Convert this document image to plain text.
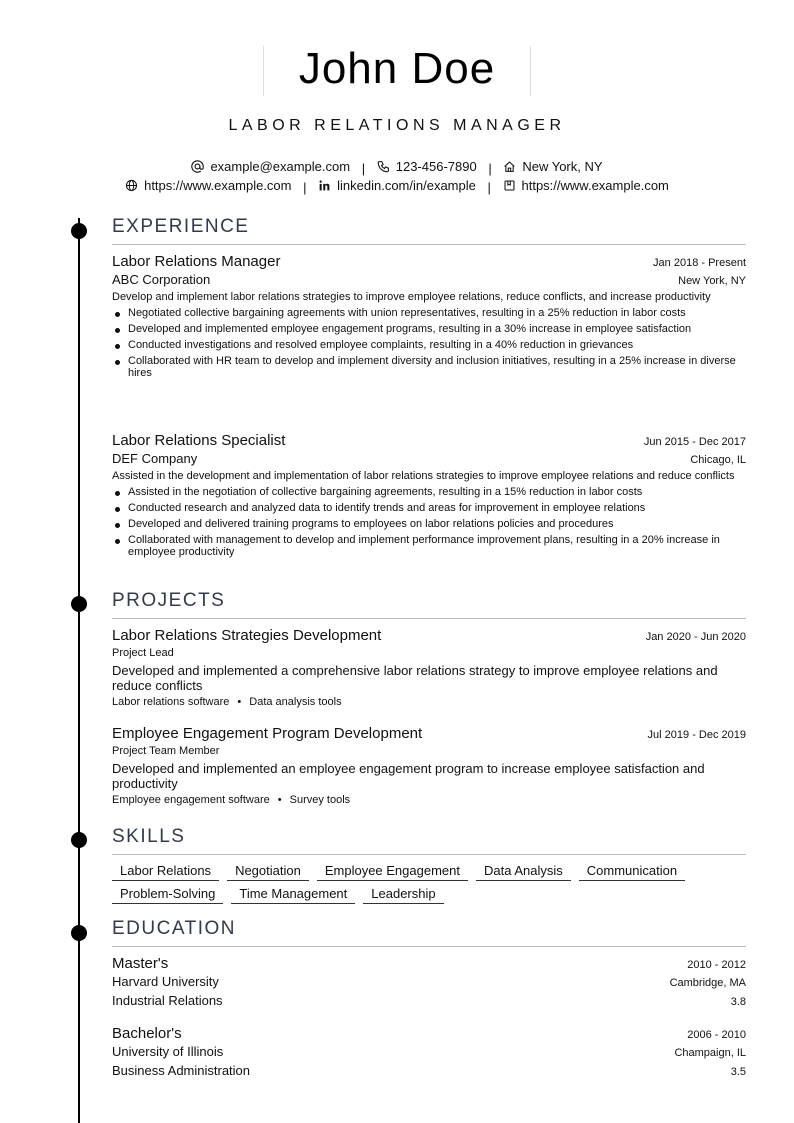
John Doe
LABOR RELATIONS MANAGER
example@example.com | 123-456-7890 | New York, NY
https://www.example.com | linkedin.com/in/example | https://www.example.com
EXPERIENCE
Labor Relations Manager	Jan 2018 - Present
ABC Corporation	New York, NY
Develop and implement labor relations strategies to improve employee relations, reduce conflicts, and increase productivity
Negotiated collective bargaining agreements with union representatives, resulting in a 25% reduction in labor costs
Developed and implemented employee engagement programs, resulting in a 30% increase in employee satisfaction
Conducted investigations and resolved employee complaints, resulting in a 40% reduction in grievances
Collaborated with HR team to develop and implement diversity and inclusion initiatives, resulting in a 25% increase in diverse hires
Labor Relations Specialist	Jun 2015 - Dec 2017
DEF Company	Chicago, IL
Assisted in the development and implementation of labor relations strategies to improve employee relations and reduce conflicts
Assisted in the negotiation of collective bargaining agreements, resulting in a 15% reduction in labor costs
Conducted research and analyzed data to identify trends and areas for improvement in employee relations
Developed and delivered training programs to employees on labor relations policies and procedures
Collaborated with management to develop and implement performance improvement plans, resulting in a 20% increase in employee productivity
PROJECTS
Labor Relations Strategies Development	Jan 2020 - Jun 2020
Project Lead
Developed and implemented a comprehensive labor relations strategy to improve employee relations and reduce conflicts
Labor relations software • Data analysis tools
Employee Engagement Program Development	Jul 2019 - Dec 2019
Project Team Member
Developed and implemented an employee engagement program to increase employee satisfaction and productivity
Employee engagement software • Survey tools
SKILLS
Labor Relations Negotiation Employee Engagement Data Analysis CommunicationProblem-Solving Time Management Leadership
EDUCATION
Master's	2010 - 2012
Harvard University	Cambridge, MA
Industrial Relations	3.8
Bachelor's	2006 - 2010
University of Illinois	Champaign, IL
Business Administration	3.5
